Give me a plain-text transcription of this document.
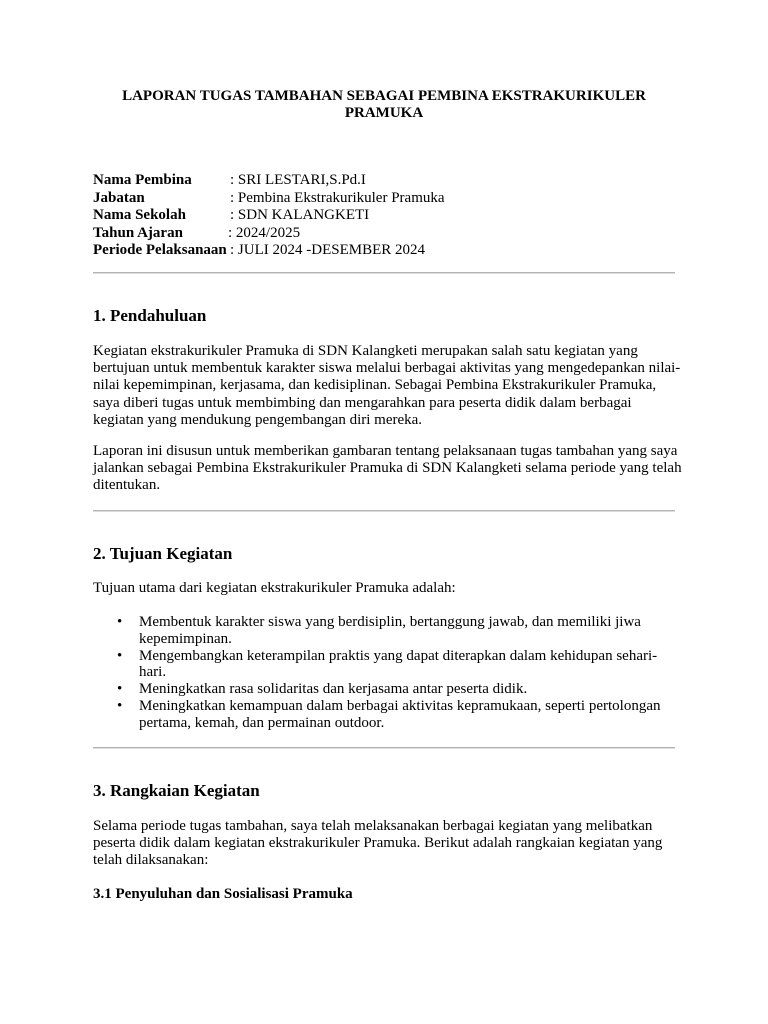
LAPORAN TUGAS TAMBAHAN SEBAGAI PEMBINA EKSTRAKURIKULER PRAMUKA
Nama Pembina	: SRI LESTARI,S.Pd.I
Jabatan	: Pembina Ekstrakurikuler Pramuka
Nama Sekolah	: SDN KALANGKETI
Tahun Ajaran	: 2024/2025
Periode Pelaksanaan : JULI 2024 -DESEMBER 2024
1. Pendahuluan

Kegiatan ekstrakurikuler Pramuka di SDN Kalangketi merupakan salah satu kegiatan yang bertujuan untuk membentuk karakter siswa melalui berbagai aktivitas yang mengedepankan nilai-nilai kepemimpinan, kerjasama, dan kedisiplinan. Sebagai Pembina Ekstrakurikuler Pramuka, saya diberi tugas untuk membimbing dan mengarahkan para peserta didik dalam berbagai kegiatan yang mendukung pengembangan diri mereka.

Laporan ini disusun untuk memberikan gambaran tentang pelaksanaan tugas tambahan yang saya jalankan sebagai Pembina Ekstrakurikuler Pramuka di SDN Kalangketi selama periode yang telah ditentukan.

2. Tujuan Kegiatan

Tujuan utama dari kegiatan ekstrakurikuler Pramuka adalah:

• Membentuk karakter siswa yang berdisiplin, bertanggung jawab, dan memiliki jiwa kepemimpinan.
• Mengembangkan keterampilan praktis yang dapat diterapkan dalam kehidupan sehari-hari.
• Meningkatkan rasa solidaritas dan kerjasama antar peserta didik.
• Meningkatkan kemampuan dalam berbagai aktivitas kepramukaan, seperti pertolongan pertama, kemah, dan permainan outdoor.
3. Rangkaian Kegiatan

Selama periode tugas tambahan, saya telah melaksanakan berbagai kegiatan yang melibatkan peserta didik dalam kegiatan ekstrakurikuler Pramuka. Berikut adalah rangkaian kegiatan yang telah dilaksanakan:

3.1 Penyuluhan dan Sosialisasi Pramuka
